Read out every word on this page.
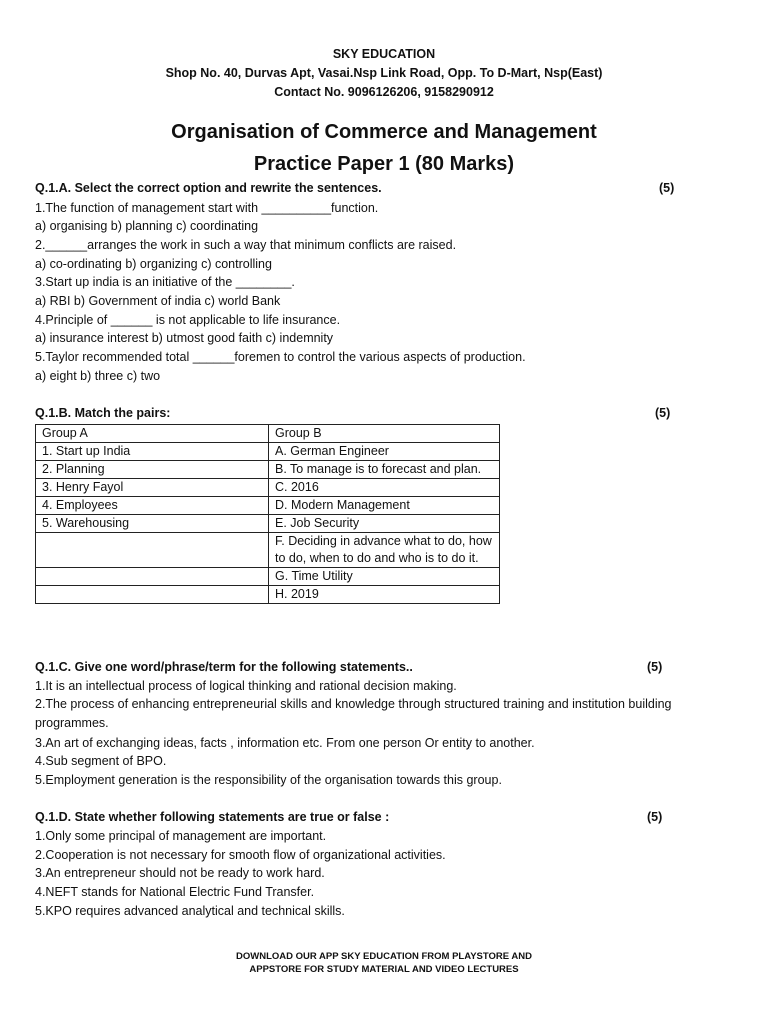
SKY EDUCATION
Shop No. 40, Durvas Apt, Vasai.Nsp Link Road, Opp. To D-Mart, Nsp(East)
Contact No. 9096126206, 9158290912
Organisation of Commerce and Management
Practice Paper 1 (80 Marks)
Q.1.A. Select the correct option and rewrite the sentences.	(5)
1.The function of management start with __________function.
a) organising b) planning c) coordinating
2.______arranges the work in such a way that minimum conflicts are raised.
a) co-ordinating b) organizing c) controlling
3.Start up india is an initiative of the ________.
a) RBI b) Government of india c) world Bank
4.Principle of ______ is not applicable to life insurance.
a) insurance interest b) utmost good faith c) indemnity
5.Taylor recommended total ______foremen to control the various aspects of production.
a) eight b) three c) two
Q.1.B. Match the pairs:	(5)
Group A	Group B
1. Start up India	A. German Engineer
2. Planning	B. To manage is to forecast and plan.
3. Henry Fayol	C. 2016
4. Employees	D. Modern Management
5. Warehousing	E. Job Security
	F. Deciding in advance what to do, how to do, when to do and who is to do it.
	G. Time Utility
	H. 2019
Q.1.C. Give one word/phrase/term for the following statements..	(5)
1.It is an intellectual process of logical thinking and rational decision making.
2.The process of enhancing entrepreneurial skills and knowledge through structured training and institution building
programmes.
3.An art of exchanging ideas, facts , information etc. From one person Or entity to another.
4.Sub segment of BPO.
5.Employment generation is the responsibility of the organisation towards this group.
Q.1.D. State whether following statements are true or false :	(5)
1.Only some principal of management are important.
2.Cooperation is not necessary for smooth flow of organizational activities.
3.An entrepreneur should not be ready to work hard.
4.NEFT stands for National Electric Fund Transfer.
5.KPO requires advanced analytical and technical skills.
DOWNLOAD OUR APP SKY EDUCATION FROM PLAYSTORE AND
APPSTORE FOR STUDY MATERIAL AND VIDEO LECTURES
